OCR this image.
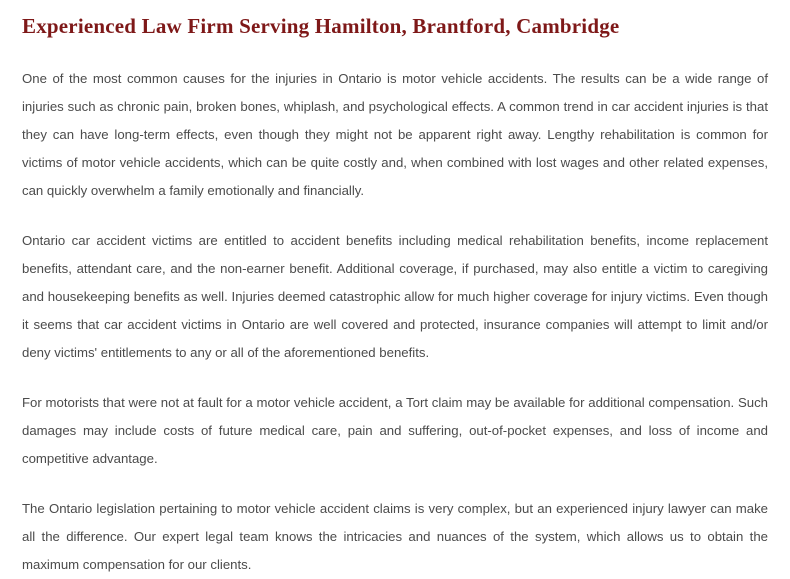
Experienced Law Firm Serving Hamilton, Brantford, Cambridge

One of the most common causes for the injuries in Ontario is motor vehicle accidents. The results can be a wide range of injuries such as chronic pain, broken bones, whiplash, and psychological effects. A common trend in car accident injuries is that they can have long-term effects, even though they might not be apparent right away. Lengthy rehabilitation is common for victims of motor vehicle accidents, which can be quite costly and, when combined with lost wages and other related expenses, can quickly overwhelm a family emotionally and financially.

Ontario car accident victims are entitled to accident benefits including medical rehabilitation benefits, income replacement benefits, attendant care, and the non-earner benefit. Additional coverage, if purchased, may also entitle a victim to caregiving and housekeeping benefits as well. Injuries deemed catastrophic allow for much higher coverage for injury victims. Even though it seems that car accident victims in Ontario are well covered and protected, insurance companies will attempt to limit and/or deny victims' entitlements to any or all of the aforementioned benefits.

For motorists that were not at fault for a motor vehicle accident, a Tort claim may be available for additional compensation. Such damages may include costs of future medical care, pain and suffering, out-of-pocket expenses, and loss of income and competitive advantage.

The Ontario legislation pertaining to motor vehicle accident claims is very complex, but an experienced injury lawyer can make all the difference. Our expert legal team knows the intricacies and nuances of the system, which allows us to obtain the maximum compensation for our clients.
